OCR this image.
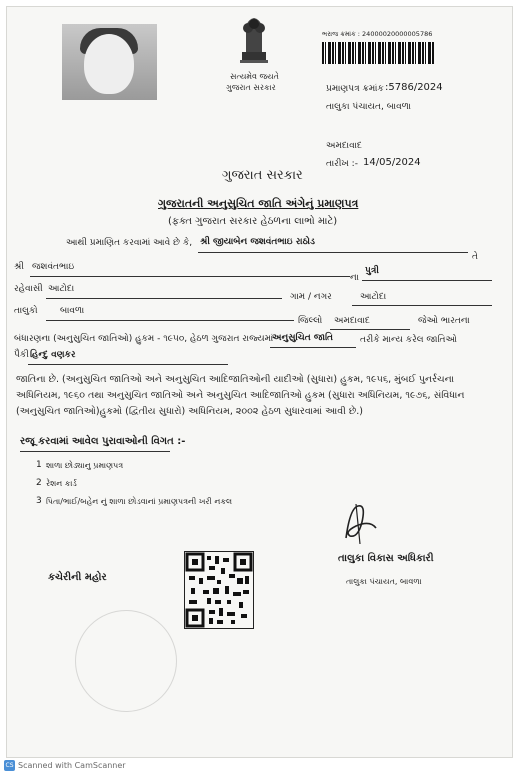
સત્યમેવ જયતે
ગુજરાત સરકાર
ભરાજ ક્રમાંક : 24000020000005786
પ્રમાણપત્ર ક્રમાંક :5786/2024
તાલુકા પંચાયત, બાવળા
અમદાવાદ
તારીખ :- 14/05/2024
ગુજરાત સરકાર
ગુજરાતની અનુસુચિત જાતિ અંગેનું પ્રમાણપત્ર
(ફક્ત ગુજરાત સરકાર હેઠળના લાભો માટે)
આથી પ્રમાણિત કરવામાં આવે છે કે, શ્રી જીયાબેન જશવંતભાઇ રાઠોડ
તે
શ્રી જશવંતભાઇ
ના
પુત્રી
રહેવાસી આટોદા
ગામ / નગર	આટોદા
તાલુકો બાવળા
જિલ્લો અમદાવાદ	જેઓ ભારતના
બંધારણના (અનુસુચિત જાતિઓ) હુકમ - ૧૯૫૦, હેઠળ ગુજરાત રાજ્યમાં
અનુસુચિત જાતિ	તરીકે માન્ય કરેલ જાતિઓ
પૈકી હિન્દુ વણકર
જાતિના છે. (અનુસુચિત જાતિઓ અને અનુસુચિત આદિજાતિઓની યાદીઓ (સુધારા) હુકમ, ૧૯૫૬, મુંબઈ પુનર્રચના અધિનિયમ, ૧૯૬૦ તથા અનુસુચિત જાતિઓ અને અનુસુચિત આદિજાતિઓ હુકમ (સુધારા અધિનિયમ, ૧૯૭૬, સંવિધાન (અનુસુચિત જાતિઓ)હુકમો (દ્વિતીય સુધારો) અધિનિયમ, ૨૦૦૨ હેઠળ સુધારવામાં આવી છે.)
રજૂ કરવામાં આવેલ પુરાવાઓની વિગત :-
1 શાળા છોડ્યાનુ પ્રમાણપત્ર
2 રેશન કાર્ડ
3 પિતા/ભાઈ/બહેન નું શાળા છોડવાનાં પ્રમાણપત્રની ખરી નકલ
કચેરીની મહોર
તાલુકા વિકાસ અધિકારી
તાલુકા પંચાયત, બાવળા
CS Scanned with CamScanner
